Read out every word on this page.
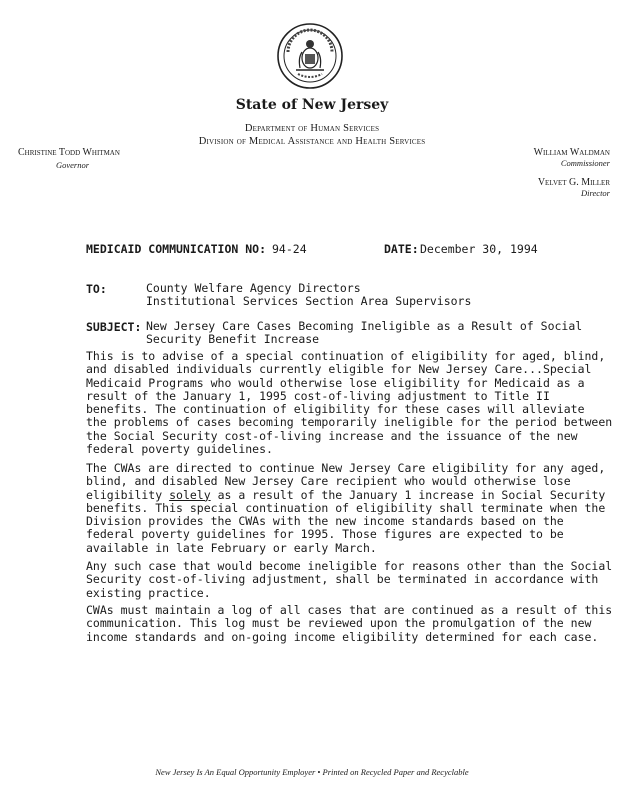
State of New Jersey
Department of Human Services
Division of Medical Assistance and Health Services
Christine Todd Whitman
Governor
William Waldman
Commissioner
Velvet G. Miller
Director
MEDICAID COMMUNICATION NO: 94-24	DATE: December 30, 1994
TO:	County Welfare Agency Directors
Institutional Services Section Area Supervisors
SUBJECT: New Jersey Care Cases Becoming Ineligible as a Result of Social
Security Benefit Increase
This is to advise of a special continuation of eligibility for aged, blind,
and disabled individuals currently eligible for New Jersey Care...Special
Medicaid Programs who would otherwise lose eligibility for Medicaid as a
result of the January 1, 1995 cost-of-living adjustment to Title II
benefits. The continuation of eligibility for these cases will alleviate
the problems of cases becoming temporarily ineligible for the period between
the Social Security cost-of-living increase and the issuance of the new
federal poverty guidelines.
The CWAs are directed to continue New Jersey Care eligibility for any aged,
blind, and disabled New Jersey Care recipient who would otherwise lose
eligibility solely as a result of the January 1 increase in Social Security
benefits. This special continuation of eligibility shall terminate when the
Division provides the CWAs with the new income standards based on the
federal poverty guidelines for 1995. Those figures are expected to be
available in late February or early March.
Any such case that would become ineligible for reasons other than the Social
Security cost-of-living adjustment, shall be terminated in accordance with
existing practice.
CWAs must maintain a log of all cases that are continued as a result of this
communication. This log must be reviewed upon the promulgation of the new
income standards and on-going income eligibility determined for each case.
New Jersey Is An Equal Opportunity Employer • Printed on Recycled Paper and Recyclable
